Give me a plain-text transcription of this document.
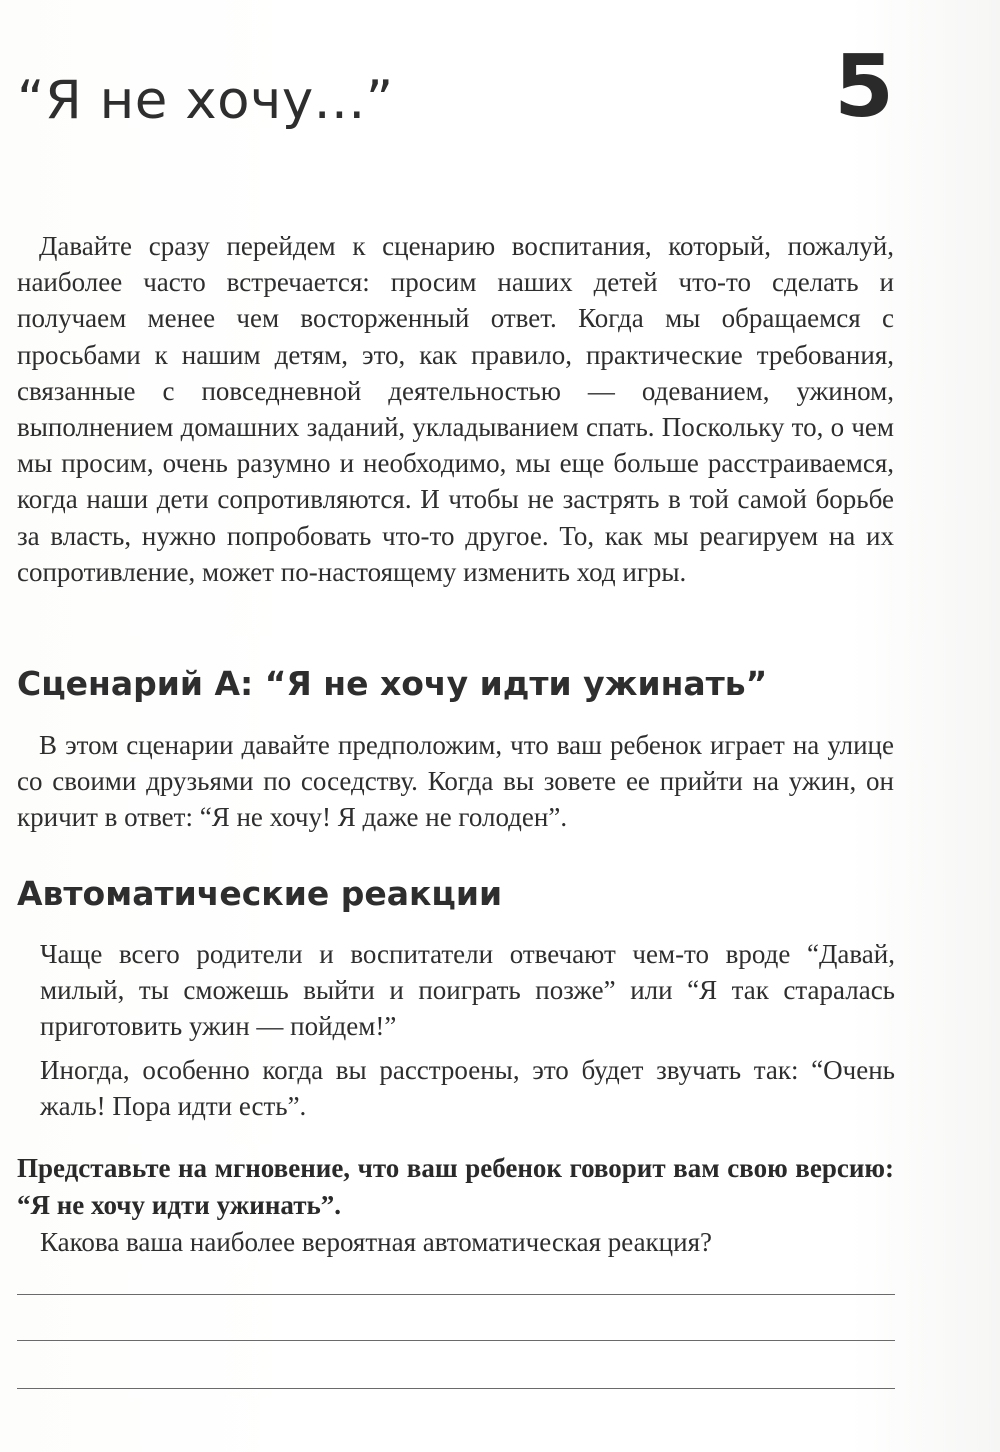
“Я не хочу...”	5

Давайте сразу перейдем к сценарию воспитания, который, пожалуй, наиболее часто встречается: просим наших детей что-то сделать и получаем менее чем восторженный ответ. Когда мы обращаемся с просьбами к нашим детям, это, как правило, практические требования, связанные с повседневной деятельностью — одеванием, ужином, выполнением домашних заданий, укладыванием спать. Поскольку то, о чем мы просим, очень разумно и необходимо, мы еще больше расстраиваемся, когда наши дети сопротивляются. И чтобы не застрять в той самой борьбе за власть, нужно попробовать что-то другое. То, как мы реагируем на их сопротивление, может по-настоящему изменить ход игры.

Сценарий А: “Я не хочу идти ужинать”

В этом сценарии давайте предположим, что ваш ребенок играет на улице со своими друзьями по соседству. Когда вы зовете ее прийти на ужин, он кричит в ответ: “Я не хочу! Я даже не голоден”.

Автоматические реакции

Чаще всего родители и воспитатели отвечают чем-то вроде “Давай, милый, ты сможешь выйти и поиграть позже” или “Я так старалась приготовить ужин — пойдем!”

Иногда, особенно когда вы расстроены, это будет звучать так: “Очень жаль! Пора идти есть”.

Представьте на мгновение, что ваш ребенок говорит вам свою версию: “Я не хочу идти ужинать”.

Какова ваша наиболее вероятная автоматическая реакция?
